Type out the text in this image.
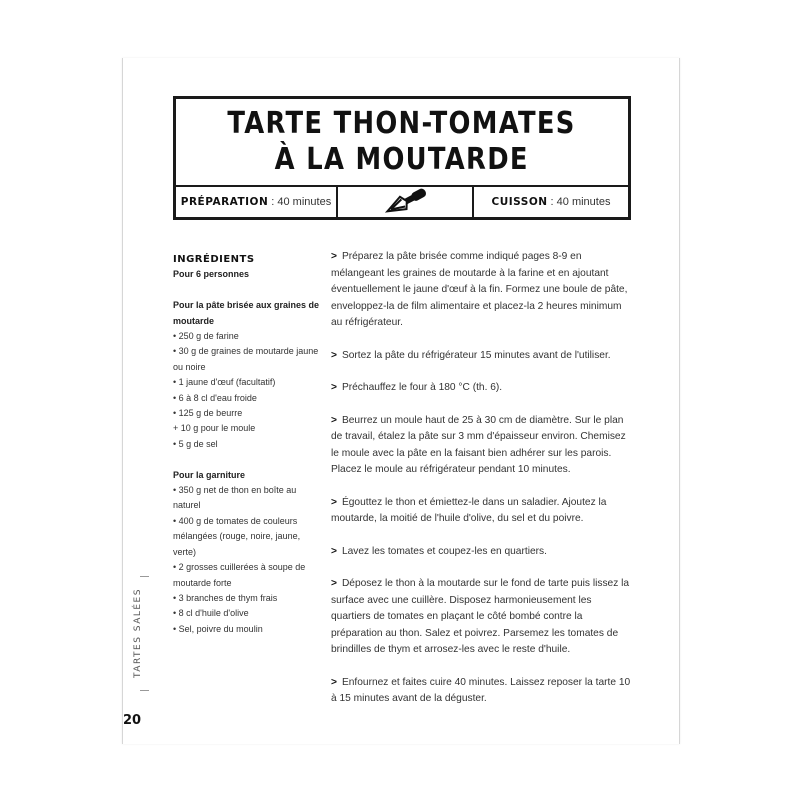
TARTE THON-TOMATES
À LA MOUTARDE
PRÉPARATION : 40 minutes	CUISSON : 40 minutes
INGRÉDIENTS
Pour 6 personnes
Pour la pâte brisée aux graines de moutarde
• 250 g de farine
• 30 g de graines de moutarde jaune ou noire
• 1 jaune d'œuf (facultatif)
• 6 à 8 cl d'eau froide
• 125 g de beurre
+ 10 g pour le moule
• 5 g de sel
Pour la garniture
• 350 g net de thon en boîte au naturel
• 400 g de tomates de couleurs mélangées (rouge, noire, jaune, verte)
• 2 grosses cuillerées à soupe de moutarde forte
• 3 branches de thym frais
• 8 cl d'huile d'olive
• Sel, poivre du moulin
> Préparez la pâte brisée comme indiqué pages 8-9 en mélangeant les graines de moutarde à la farine et en ajoutant éventuellement le jaune d'œuf à la fin. Formez une boule de pâte, enveloppez-la de film alimentaire et placez-la 2 heures minimum au réfrigérateur.
> Sortez la pâte du réfrigérateur 15 minutes avant de l'utiliser.
> Préchauffez le four à 180 °C (th. 6).
> Beurrez un moule haut de 25 à 30 cm de diamètre. Sur le plan de travail, étalez la pâte sur 3 mm d'épaisseur environ. Chemisez le moule avec la pâte en la faisant bien adhérer sur les parois. Placez le moule au réfrigérateur pendant 10 minutes.
> Égouttez le thon et émiettez-le dans un saladier. Ajoutez la moutarde, la moitié de l'huile d'olive, du sel et du poivre.
> Lavez les tomates et coupez-les en quartiers.
> Déposez le thon à la moutarde sur le fond de tarte puis lissez la surface avec une cuillère. Disposez harmonieusement les quartiers de tomates en plaçant le côté bombé contre la préparation au thon. Salez et poivrez. Parsemez les tomates de brindilles de thym et arrosez-les avec le reste d'huile.
> Enfournez et faites cuire 40 minutes. Laissez reposer la tarte 10 à 15 minutes avant de la déguster.
TARTES SALÉES
20
